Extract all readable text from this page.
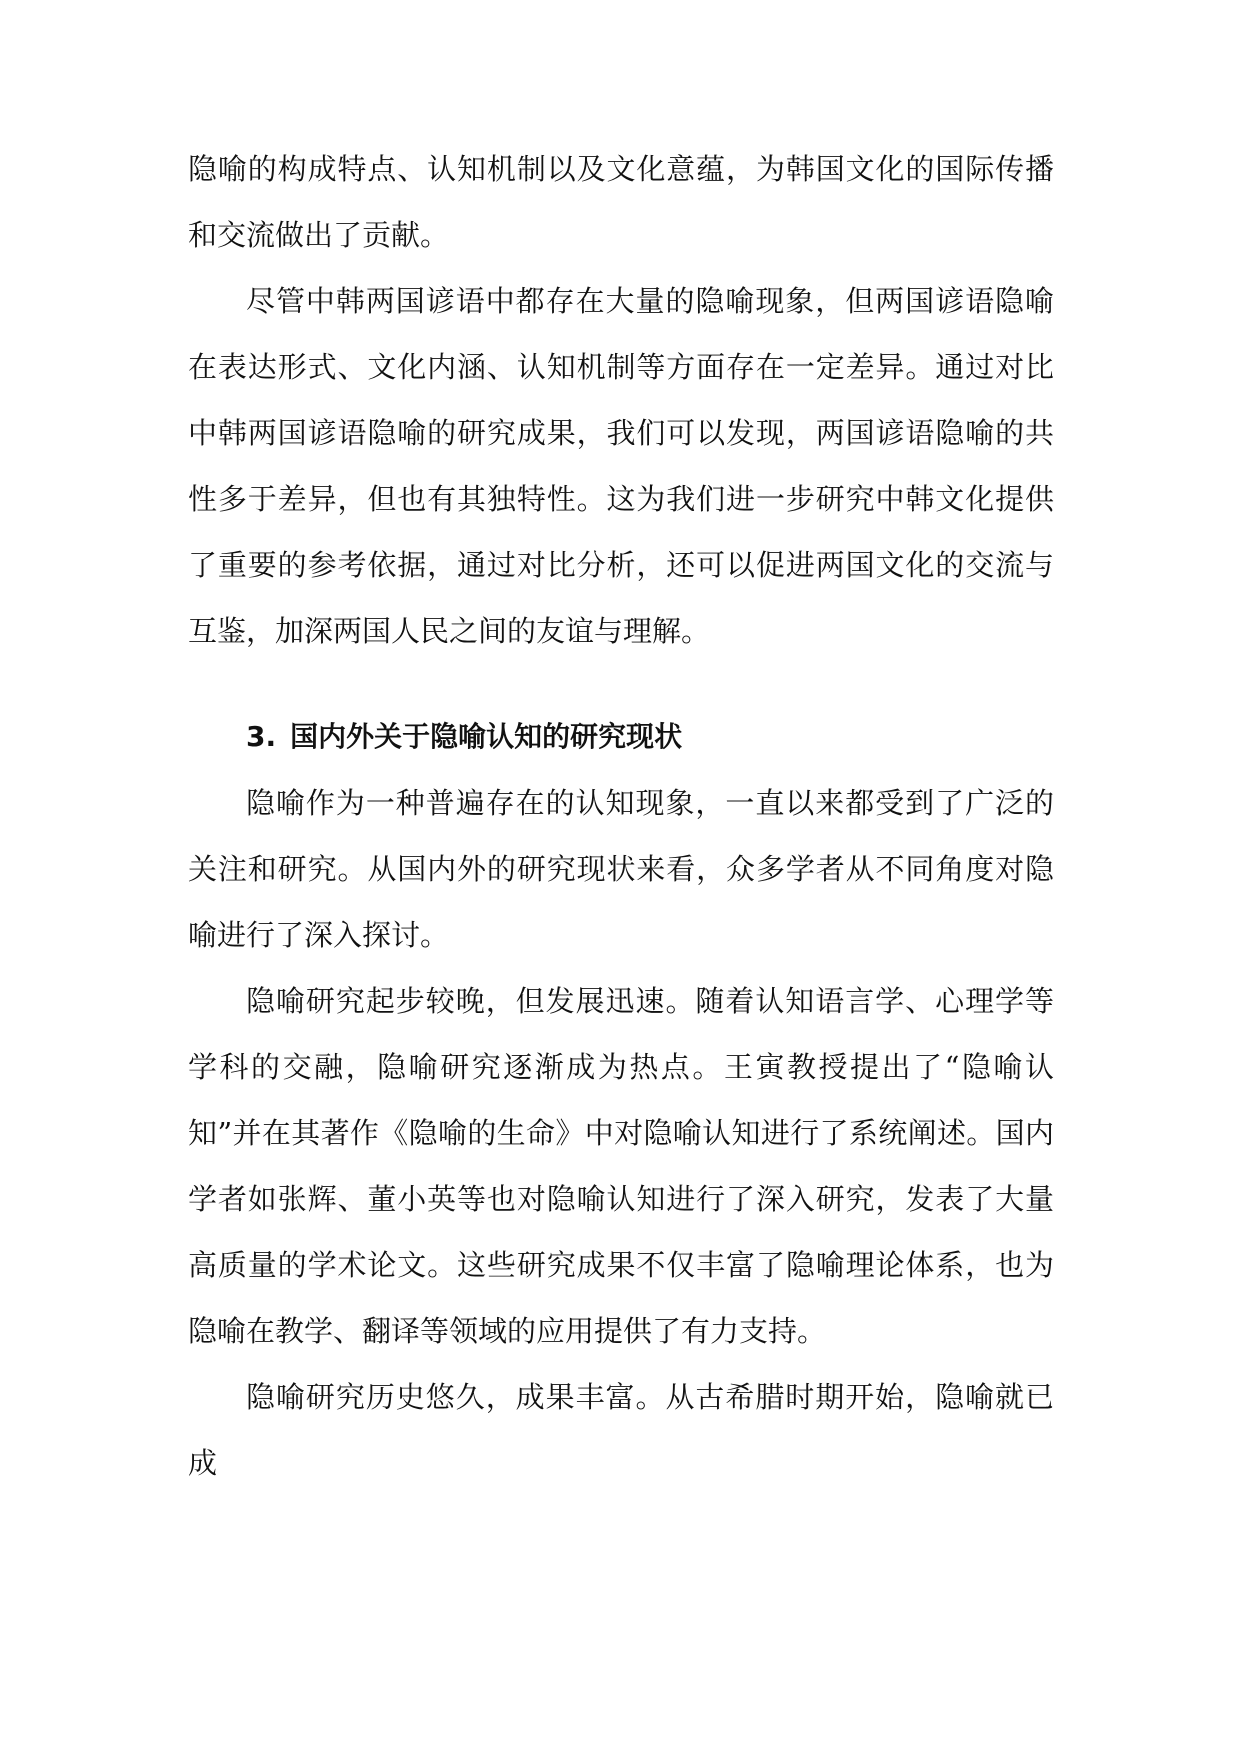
隐喻的构成特点、认知机制以及文化意蕴，为韩国文化的国际传播和交流做出了贡献。

尽管中韩两国谚语中都存在大量的隐喻现象，但两国谚语隐喻在表达形式、文化内涵、认知机制等方面存在一定差异。通过对比中韩两国谚语隐喻的研究成果，我们可以发现，两国谚语隐喻的共性多于差异，但也有其独特性。这为我们进一步研究中韩文化提供了重要的参考依据，通过对比分析，还可以促进两国文化的交流与互鉴，加深两国人民之间的友谊与理解。

3. 国内外关于隐喻认知的研究现状

隐喻作为一种普遍存在的认知现象，一直以来都受到了广泛的关注和研究。从国内外的研究现状来看，众多学者从不同角度对隐喻进行了深入探讨。

隐喻研究起步较晚，但发展迅速。随着认知语言学、心理学等学科的交融，隐喻研究逐渐成为热点。王寅教授提出了“隐喻认知”并在其著作《隐喻的生命》中对隐喻认知进行了系统阐述。国内学者如张辉、董小英等也对隐喻认知进行了深入研究，发表了大量高质量的学术论文。这些研究成果不仅丰富了隐喻理论体系，也为隐喻在教学、翻译等领域的应用提供了有力支持。

隐喻研究历史悠久，成果丰富。从古希腊时期开始，隐喻就已成
